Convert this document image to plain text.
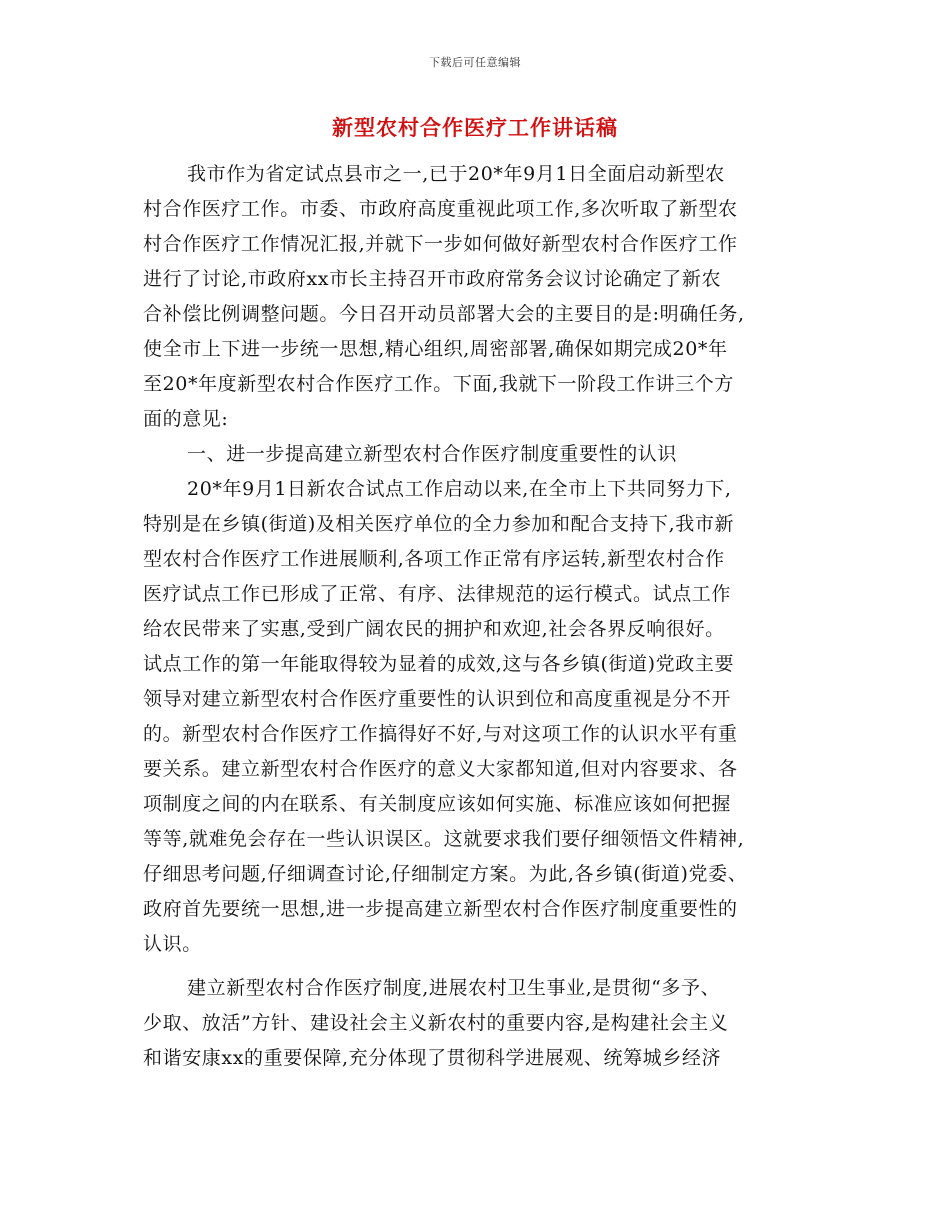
下载后可任意编辑
新型农村合作医疗工作讲话稿
我市作为省定试点县市之一,已于20*年9月1日全面启动新型农
村合作医疗工作。市委、市政府高度重视此项工作,多次听取了新型农
村合作医疗工作情况汇报,并就下一步如何做好新型农村合作医疗工作
进行了讨论,市政府xx市长主持召开市政府常务会议讨论确定了新农
合补偿比例调整问题。今日召开动员部署大会的主要目的是:明确任务,
使全市上下进一步统一思想,精心组织,周密部署,确保如期完成20*年
至20*年度新型农村合作医疗工作。下面,我就下一阶段工作讲三个方
面的意见:
一、进一步提高建立新型农村合作医疗制度重要性的认识
20*年9月1日新农合试点工作启动以来,在全市上下共同努力下,
特别是在乡镇(街道)及相关医疗单位的全力参加和配合支持下,我市新
型农村合作医疗工作进展顺利,各项工作正常有序运转,新型农村合作
医疗试点工作已形成了正常、有序、法律规范的运行模式。试点工作
给农民带来了实惠,受到广阔农民的拥护和欢迎,社会各界反响很好。
试点工作的第一年能取得较为显着的成效,这与各乡镇(街道)党政主要
领导对建立新型农村合作医疗重要性的认识到位和高度重视是分不开
的。新型农村合作医疗工作搞得好不好,与对这项工作的认识水平有重
要关系。建立新型农村合作医疗的意义大家都知道,但对内容要求、各
项制度之间的内在联系、有关制度应该如何实施、标准应该如何把握
等等,就难免会存在一些认识误区。这就要求我们要仔细领悟文件精神,
仔细思考问题,仔细调查讨论,仔细制定方案。为此,各乡镇(街道)党委、
政府首先要统一思想,进一步提高建立新型农村合作医疗制度重要性的
认识。
建立新型农村合作医疗制度,进展农村卫生事业,是贯彻“多予、
少取、放活”方针、建设社会主义新农村的重要内容,是构建社会主义
和谐安康xx的重要保障,充分体现了贯彻科学进展观、统筹城乡经济
